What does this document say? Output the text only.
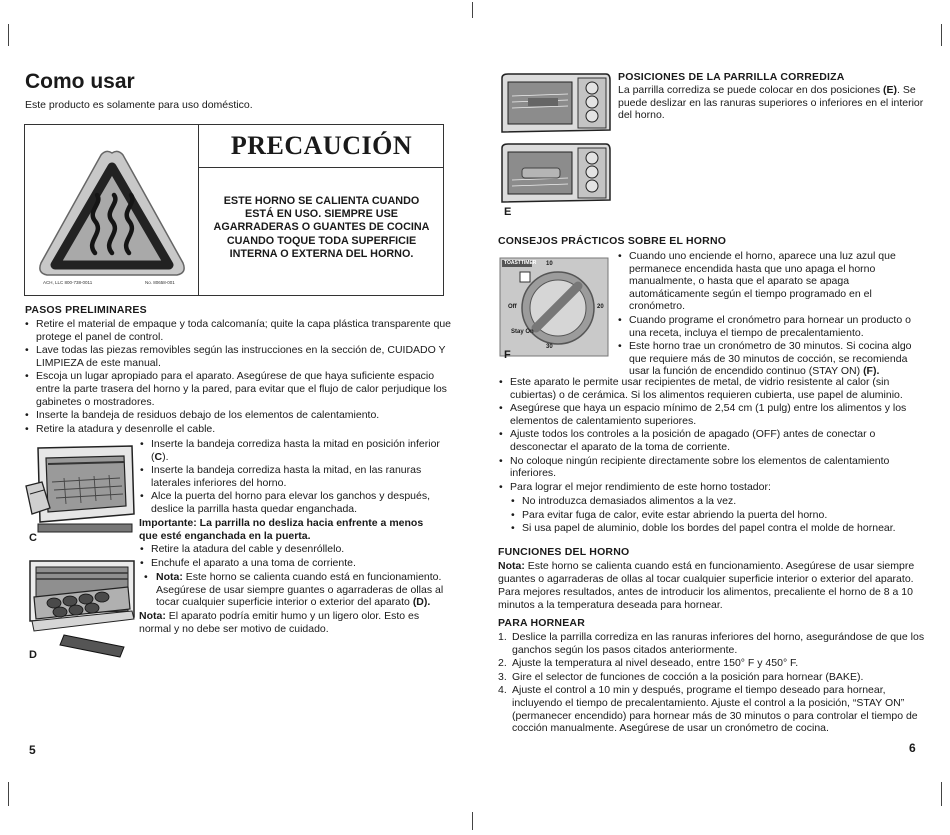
Como usar
Este producto es solamente para uso doméstico.
PRECAUCIÓN
ESTE HORNO SE CALIENTA CUANDO
ESTÁ EN USO. SIEMPRE USE
AGARRADERAS O GUANTES DE COCINA
CUANDO TOQUE TODA SUPERFICIE
INTERNA O EXTERNA DEL HORNO.
ACH, LLC 800-738-0011	No. 80658-001
PASOS PRELIMINARES
• Retire el material de empaque y toda calcomanía; quite la capa plástica transparente que protege el panel de control.
• Lave todas las piezas removibles según las instrucciones en la sección de, CUIDADO Y LIMPIEZA de este manual.
• Escoja un lugar apropiado para el aparato. Asegúrese de que haya suficiente espacio entre la parte trasera del horno y la pared, para evitar que el flujo de calor perjudique los gabinetes o mostradores.
• Inserte la bandeja de residuos debajo de los elementos de calentamiento.
• Retire la atadura y desenrolle el cable.
C
D
• Inserte la bandeja corrediza hasta la mitad en posición inferior (C).
• Inserte la bandeja corrediza hasta la mitad, en las ranuras laterales inferiores del horno.
• Alce la puerta del horno para elevar los ganchos y después, deslice la parrilla hasta quedar enganchada.
Importante: La parrilla no desliza hacia enfrente a menos que esté enganchada en la puerta.
• Retire la atadura del cable y desenróllelo.
• Enchufe el aparato a una toma de corriente.
• Nota: Este horno se calienta cuando está en funcionamiento. Asegúrese de usar siempre guantes o agarraderas de ollas al tocar cualquier superficie interior o exterior del aparato (D).
Nota: El aparato podría emitir humo y un ligero olor. Esto es normal y no debe ser motivo de cuidado.
5
E
POSICIONES DE LA PARRILLA CORREDIZA
La parrilla corrediza se puede colocar en dos posiciones (E). Se puede deslizar en las ranuras superiores o inferiores en el interior del horno.
CONSEJOS PRÁCTICOS SOBRE EL HORNO
TOASTTIMER 10
20
30
Off
Stay On
F
• Cuando uno enciende el horno, aparece una luz azul que permanece encendida hasta que uno apaga el horno manualmente, o hasta que el aparato se apaga automáticamente según el tiempo programado en el cronómetro.
• Cuando programe el cronómetro para hornear un producto o una receta, incluya el tiempo de precalentamiento.
• Este horno trae un cronómetro de 30 minutos. Si cocina algo que requiere más de 30 minutos de cocción, se recomienda usar la función de encendido continuo (STAY ON) (F).
• Este aparato le permite usar recipientes de metal, de vidrio resistente al calor (sin cubiertas) o de cerámica. Si los alimentos requieren cubierta, use papel de aluminio.
• Asegúrese que haya un espacio mínimo de 2,54 cm (1 pulg) entre los alimentos y los elementos de calentamiento superiores.
• Ajuste todos los controles a la posición de apagado (OFF) antes de conectar o desconectar el aparato de la toma de corriente.
• No coloque ningún recipiente directamente sobre los elementos de calentamiento inferiores.
• Para lograr el mejor rendimiento de este horno tostador:
• No introduzca demasiados alimentos a la vez.
• Para evitar fuga de calor, evite estar abriendo la puerta del horno.
• Si usa papel de aluminio, doble los bordes del papel contra el molde de hornear.
FUNCIONES DEL HORNO
Nota: Este horno se calienta cuando está en funcionamiento. Asegúrese de usar siempre guantes o agarraderas de ollas al tocar cualquier superficie interior o exterior del aparato.
Para mejores resultados, antes de introducir los alimentos, precaliente el horno de 8 a 10 minutos a la temperatura deseada para hornear.
PARA HORNEAR
1. Deslice la parrilla corrediza en las ranuras inferiores del horno, asegurándose de que los ganchos según los pasos citados anteriormente.
2. Ajuste la temperatura al nivel deseado, entre 150° F y 450° F.
3. Gire el selector de funciones de cocción a la posición para hornear (BAKE).
4. Ajuste el control a 10 min y después, programe el tiempo deseado para hornear, incluyendo el tiempo de precalentamiento. Ajuste el control a la posición, “STAY ON” (permanecer encendido) para hornear más de 30 minutos o para controlar el tiempo de cocción manualmente. Asegúrese de usar un cronómetro de cocina.
6
